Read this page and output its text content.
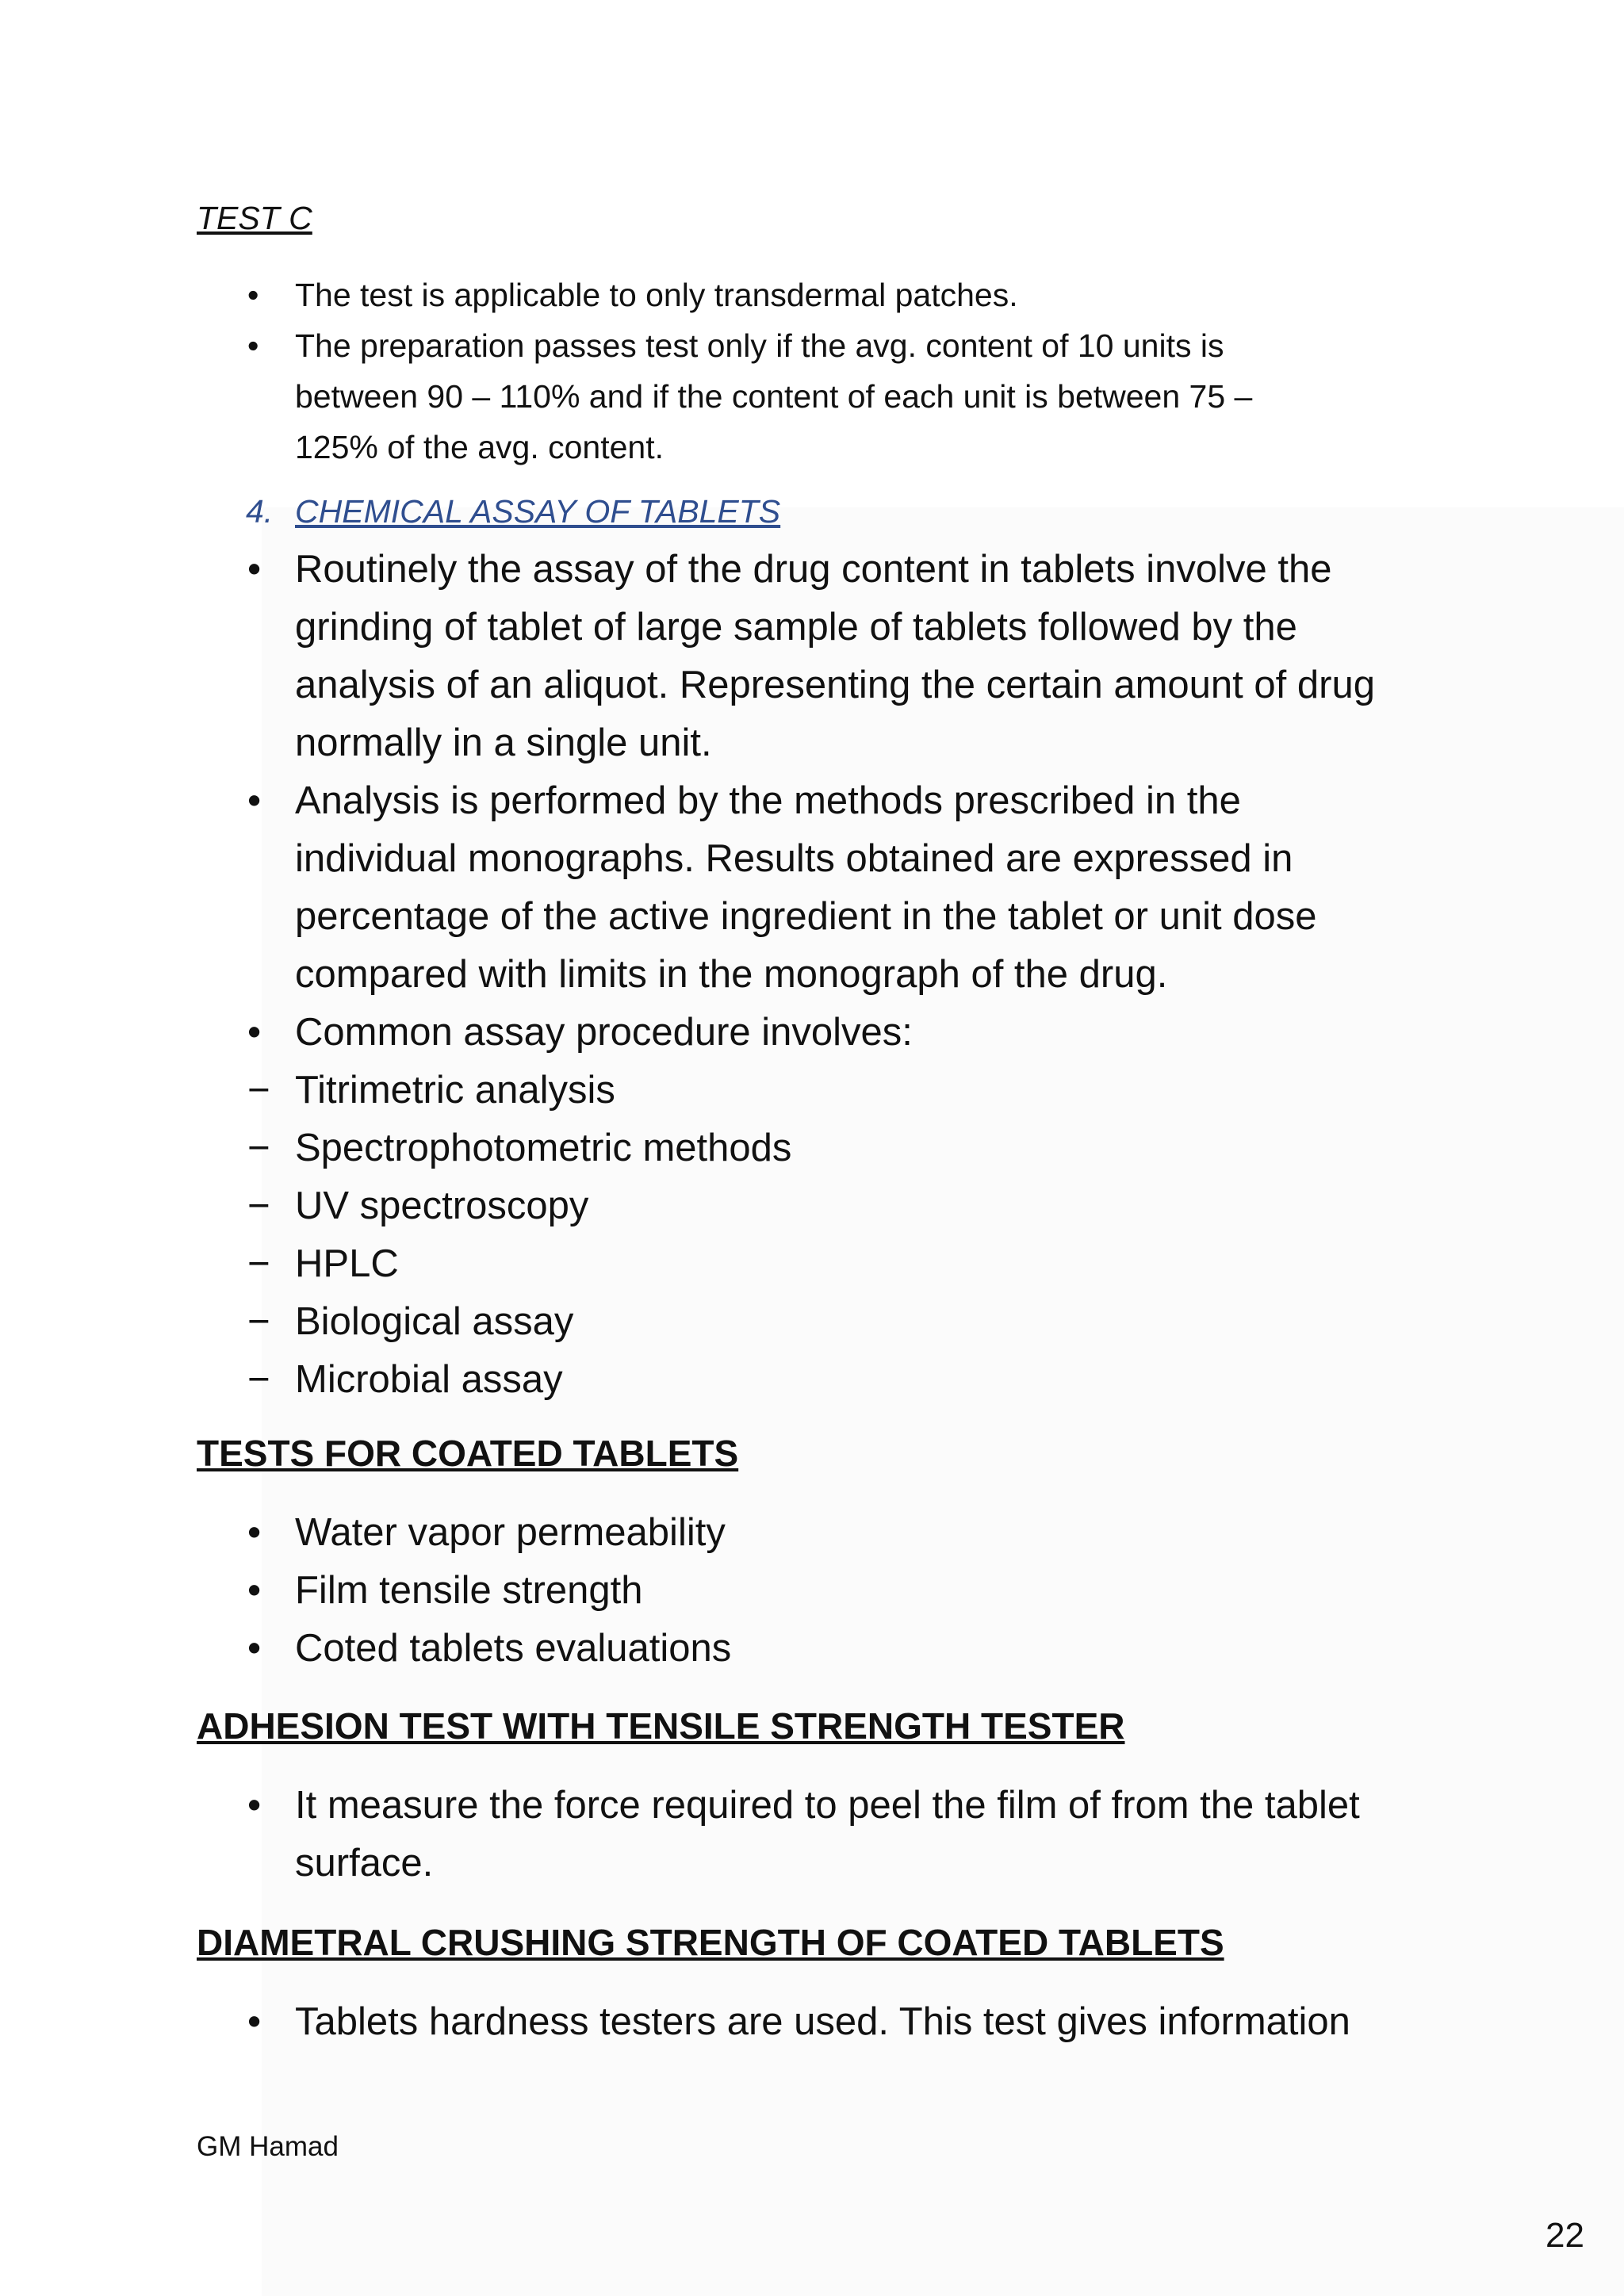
TEST C

• The test is applicable to only transdermal patches.
• The preparation passes test only if the avg. content of 10 units is
between 90 – 110% and if the content of each unit is between 75 –
125% of the avg. content.

4. CHEMICAL ASSAY OF TABLETS

• Routinely the assay of the drug content in tablets involve the
grinding of tablet of large sample of tablets followed by the
analysis of an aliquot. Representing the certain amount of drug
normally in a single unit.
• Analysis is performed by the methods prescribed in the
individual monographs. Results obtained are expressed in
percentage of the active ingredient in the tablet or unit dose
compared with limits in the monograph of the drug.
• Common assay procedure involves:
− Titrimetric analysis
− Spectrophotometric methods
− UV spectroscopy
− HPLC
− Biological assay
− Microbial assay

TESTS FOR COATED TABLETS

• Water vapor permeability
• Film tensile strength
• Coted tablets evaluations

ADHESION TEST WITH TENSILE STRENGTH TESTER

• It measure the force required to peel the film of from the tablet
surface.

DIAMETRAL CRUSHING STRENGTH OF COATED TABLETS

• Tablets hardness testers are used. This test gives information

GM Hamad

22
